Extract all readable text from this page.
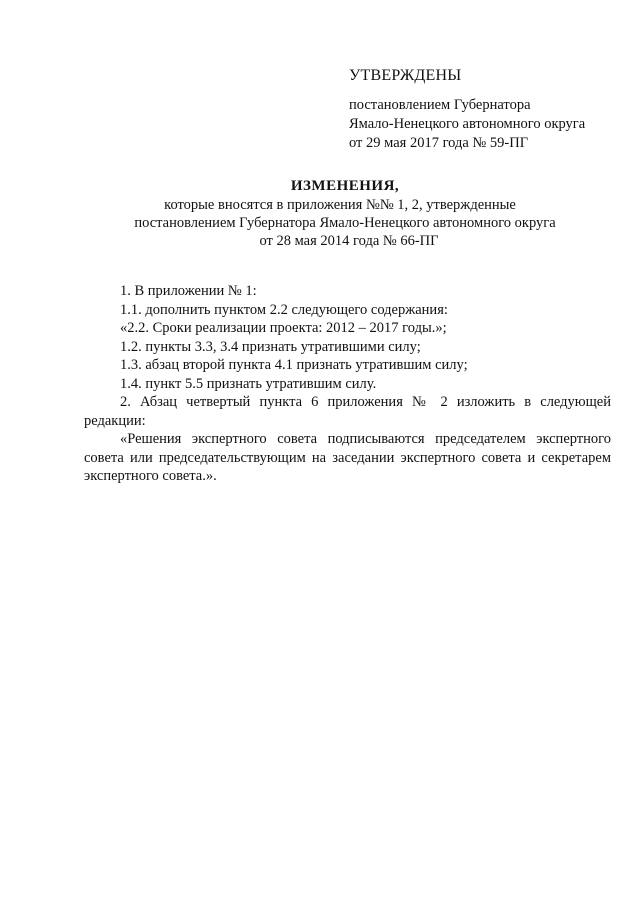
УТВЕРЖДЕНЫ

постановлением Губернатора

Ямало-Ненецкого автономного округа

от 29 мая 2017 года № 59-ПГ

ИЗМЕНЕНИЯ,

которые вносятся в приложения №№ 1, 2, утвержденные

постановлением Губернатора Ямало-Ненецкого автономного округа

от 28 мая 2014 года № 66-ПГ

1. В приложении № 1:

1.1. дополнить пунктом 2.2 следующего содержания:

«2.2. Сроки реализации проекта: 2012 – 2017 годы.»;

1.2. пункты 3.3, 3.4 признать утратившими силу;

1.3. абзац второй пункта 4.1 признать утратившим силу;

1.4. пункт 5.5 признать утратившим силу.

2. Абзац четвертый пункта 6 приложения № 2 изложить в следующей редакции:

«Решения экспертного совета подписываются председателем экспертного совета или председательствующим на заседании экспертного совета и секретарем экспертного совета.».
